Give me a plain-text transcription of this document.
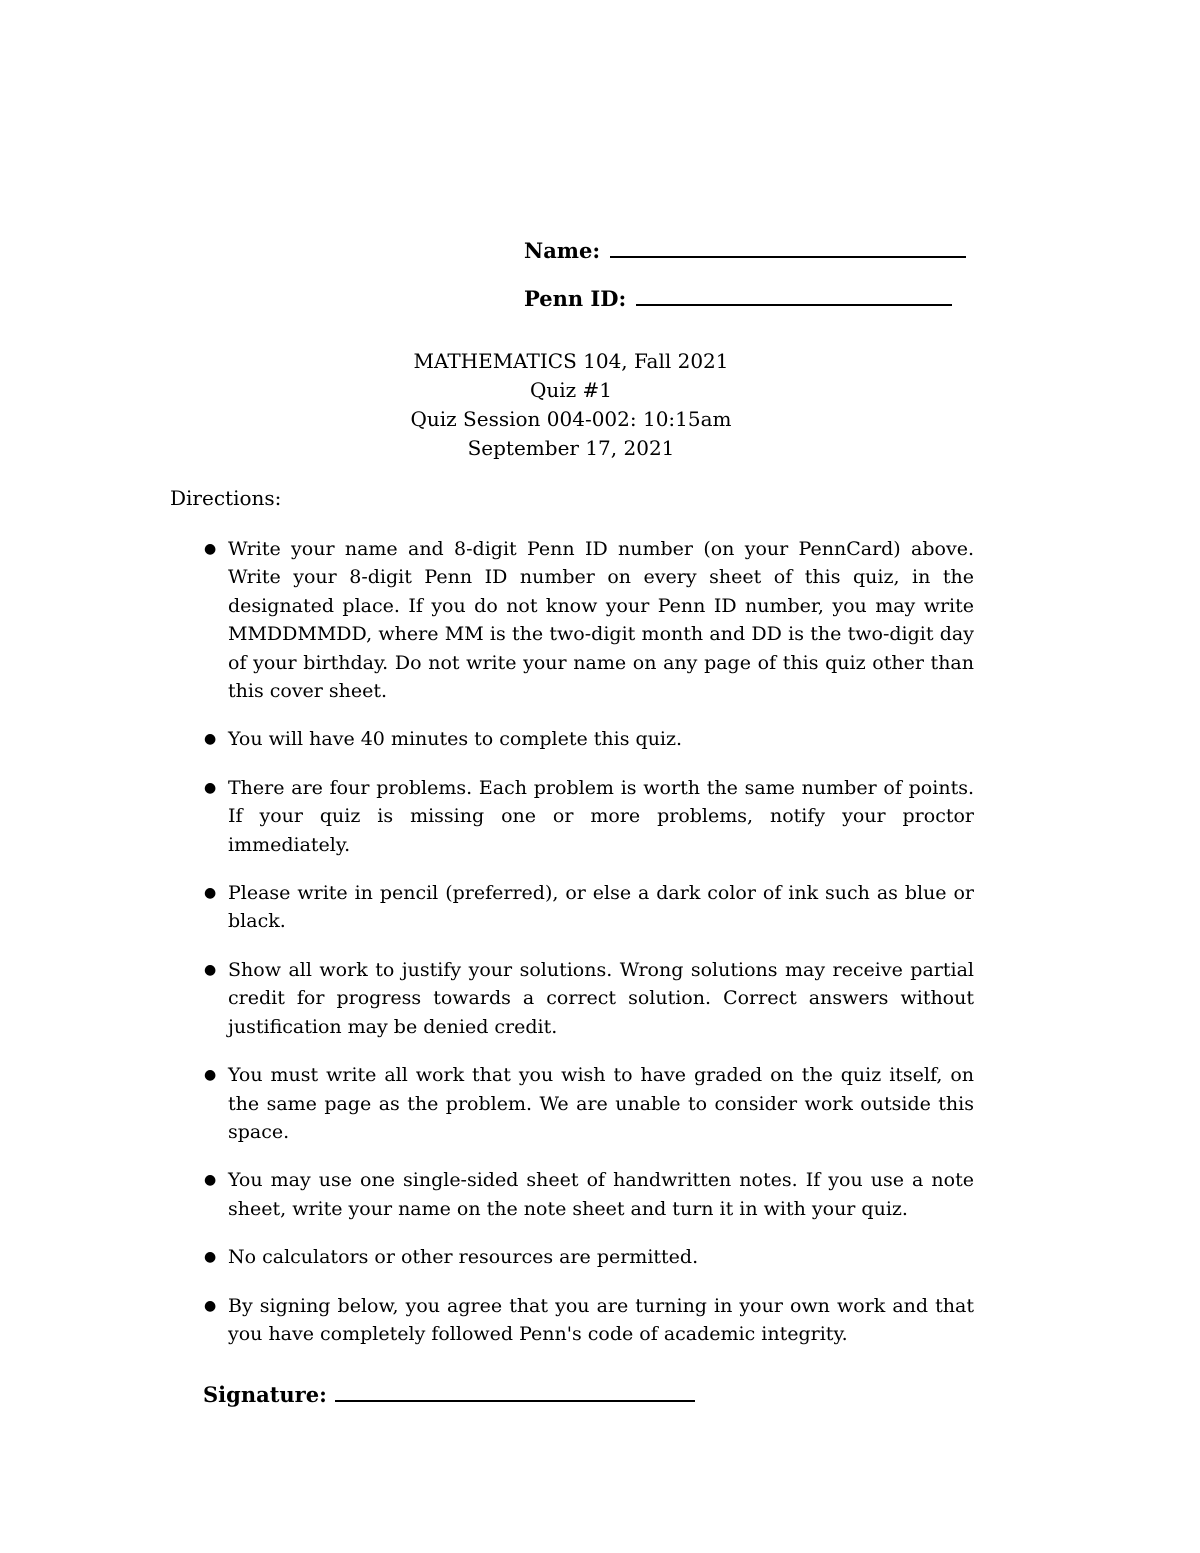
Name:
Penn ID:
MATHEMATICS 104, Fall 2021
Quiz #1
Quiz Session 004-002: 10:15am
September 17, 2021
Directions:
● Write your name and 8-digit Penn ID number (on your PennCard) above. Write your 8-digit Penn ID number on every sheet of this quiz, in the designated place. If you do not know your Penn ID number, you may write MMDDMMDD, where MM is the two-digit month and DD is the two-digit day of your birthday. Do not write your name on any page of this quiz other than this cover sheet.
● You will have 40 minutes to complete this quiz.
● There are four problems. Each problem is worth the same number of points. If your quiz is missing one or more problems, notify your proctor immediately.
● Please write in pencil (preferred), or else a dark color of ink such as blue or black.
● Show all work to justify your solutions. Wrong solutions may receive partial credit for progress towards a correct solution. Correct answers without justification may be denied credit.
● You must write all work that you wish to have graded on the quiz itself, on the same page as the problem. We are unable to consider work outside this space.
● You may use one single-sided sheet of handwritten notes. If you use a note sheet, write your name on the note sheet and turn it in with your quiz.
● No calculators or other resources are permitted.
● By signing below, you agree that you are turning in your own work and that you have completely followed Penn's code of academic integrity.
Signature:
